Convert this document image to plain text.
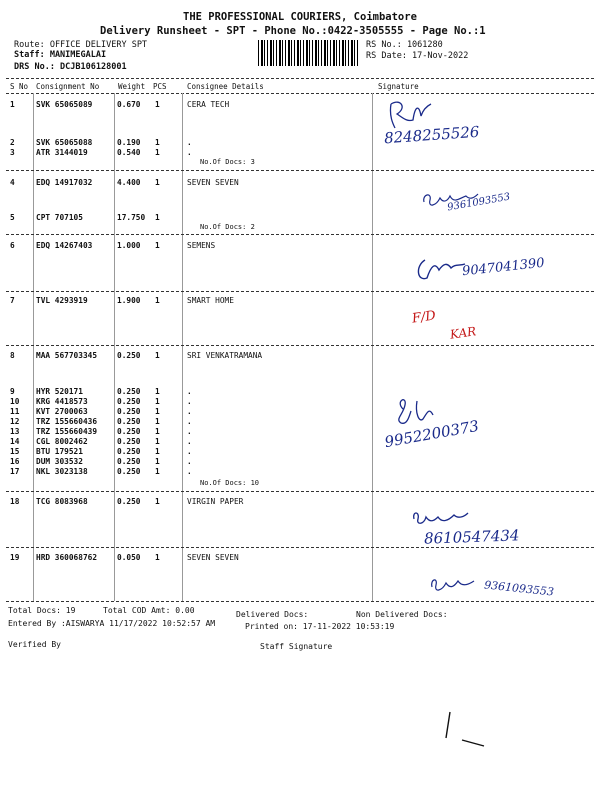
THE PROFESSIONAL COURIERS, Coimbatore
Delivery Runsheet - SPT - Phone No.:0422-3505555 - Page No.:1
Route: OFFICE DELIVERY SPT
Staff: MANIMEGALAI
DRS No.: DCJB106128001
RS No.: 1061280
RS Date: 17-Nov-2022
S No Consignment No	Weight PCS	Consignee Details	Signature
1	SVK 65065089	0.670 1	CERA TECH
2	SVK 65065088	0.190 1	.
3	ATR 3144019	0.540 1	.
No.Of Docs: 3
4	EDQ 14917032	4.400 1	SEVEN SEVEN
5	CPT 707105	17.750 1
No.Of Docs: 2
6	EDQ 14267403	1.000 1	SEMENS
7	TVL 4293919	1.900 1	SMART HOME
8	MAA 567703345	0.250 1	SRI VENKATRAMANA
9	HYR 520171	0.250 1	.
10 KRG 4418573	0.250 1	.
11 KVT 2700063	0.250 1	.
12 TRZ 155660436	0.250 1	.
13 TRZ 155660439	0.250 1	.
14 CGL 8002462	0.250 1	.
15 BTU 179521	0.250 1	.
16 DUM 303532	0.250 1	.
17 NKL 3023138	0.250 1	.
No.Of Docs: 10
18 TCG 8083968	0.250 1	VIRGIN PAPER
19 HRD 360068762	0.050 1	SEVEN SEVEN
8248255526
9361093553
9047041390
F/D
KAR
9952200373
8610547434
9361093553
Total Docs: 19	Total COD Amt: 0.00	Delivered Docs:	Non Delivered Docs:
Entered By :AISWARYA 11/17/2022 10:52:57 AM	Printed on: 17-11-2022 10:53:19
Verified By	Staff Signature
